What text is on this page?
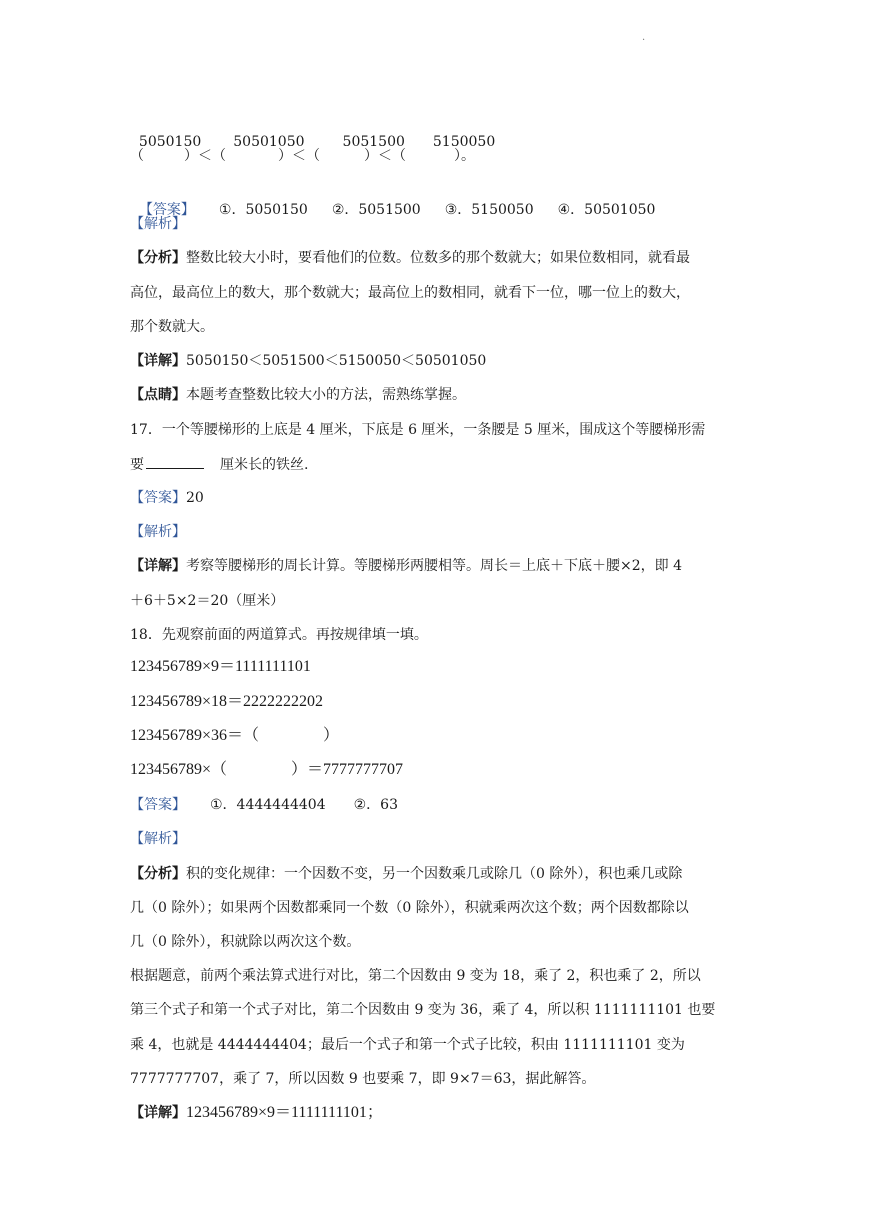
.

5050150 50501050	5051500 5150050

（	）＜（	）＜（	）＜（	）。

【答案】 ①．5050150 ②．5051500 ③．5150050 ④．50501050

【解析】
【分析】整数比较大小时，要看他们的位数。位数多的那个数就大；如果位数相同，就看最
高位，最高位上的数大，那个数就大；最高位上的数相同，就看下一位，哪一位上的数大，
那个数就大。
【详解】5050150＜5051500＜5150050＜50501050
【点睛】本题考查整数比较大小的方法，需熟练掌握。
17．一个等腰梯形的上底是 4 厘米，下底是 6 厘米，一条腰是 5 厘米，围成这个等腰梯形需
要	厘米长的铁丝.
【答案】20
【解析】
【详解】考察等腰梯形的周长计算。等腰梯形两腰相等。周长＝上底＋下底＋腰×2，即 4
＋6＋5×2＝20（厘米）
18．先观察前面的两道算式。再按规律填一填。
123456789×9＝1111111101
123456789×18＝2222222202
123456789×36＝（　　　　）
123456789×（　　　　）＝7777777707
【答案】 ①．4444444404 ②．63
【解析】
【分析】积的变化规律：一个因数不变，另一个因数乘几或除几（0 除外），积也乘几或除
几（0 除外）；如果两个因数都乘同一个数（0 除外），积就乘两次这个数；两个因数都除以
几（0 除外），积就除以两次这个数。
根据题意，前两个乘法算式进行对比，第二个因数由 9 变为 18，乘了 2，积也乘了 2，所以
第三个式子和第一个式子对比，第二个因数由 9 变为 36，乘了 4，所以积 1111111101 也要
乘 4，也就是 4444444404；最后一个式子和第一个式子比较，积由 1111111101 变为
7777777707，乘了 7，所以因数 9 也要乘 7，即 9×7＝63，据此解答。
【详解】123456789×9＝1111111101；
